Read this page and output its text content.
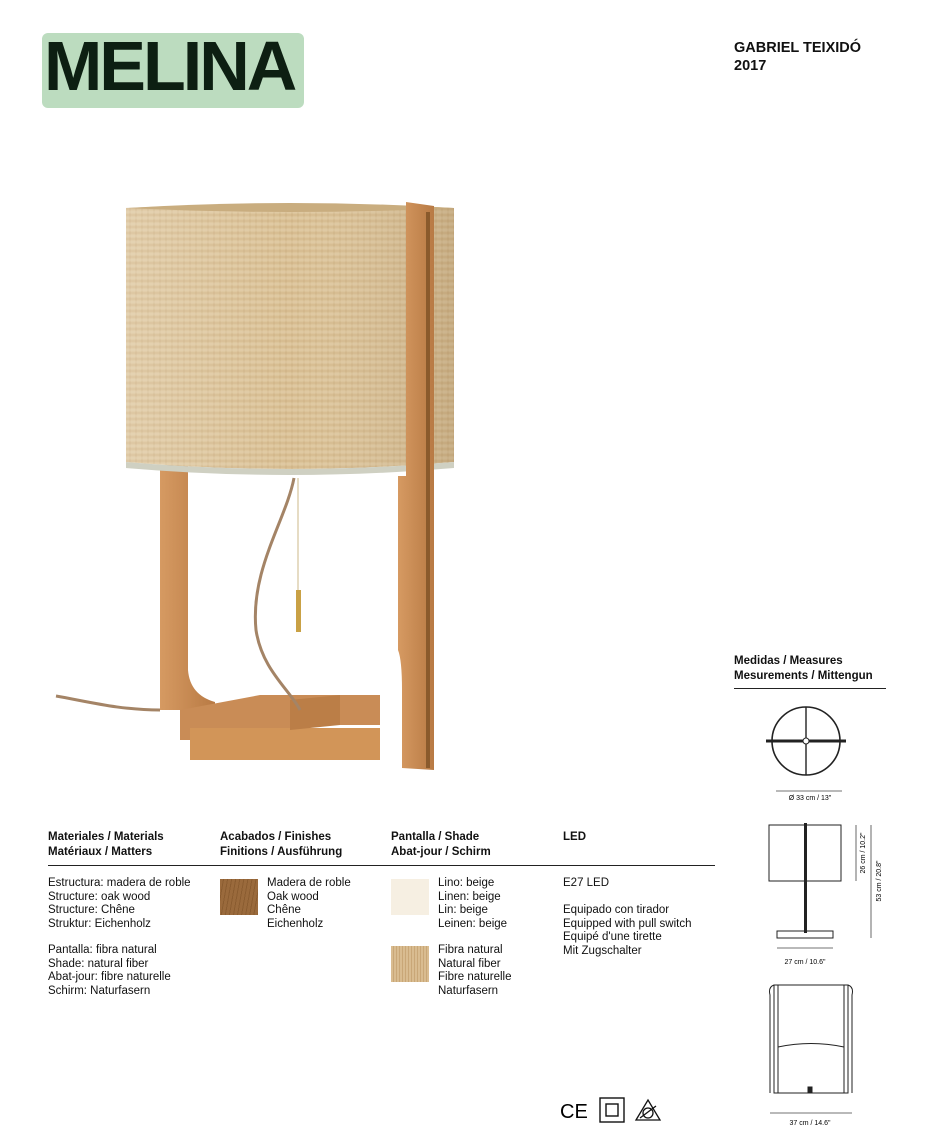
MELINA	GABRIEL TEIXIDÓ
2017
Medidas / Measures
Mesurements / Mittengun
Ø 33 cm / 13"
27 cm / 10.6"
26 cm / 10.2"
53 cm / 20.8"
37 cm / 14.6"
Materiales / Materials
Matériaux / Matters
Acabados / Finishes
Finitions / Ausführung
Pantalla / Shade
Abat-jour / Schirm
LED
Estructura: madera de roble
Structure: oak wood
Structure: Chêne
Struktur: Eichenholz
Pantalla: fibra natural
Shade: natural fiber
Abat-jour: fibre naturelle
Schirm: Naturfasern
Madera de roble
Oak wood
Chêne
Eichenholz
Lino: beige
Linen: beige
Lin: beige
Leinen: beige
Fibra natural
Natural fiber
Fibre naturelle
Naturfasern
E27 LED
Equipado con tirador
Equipped with pull switch
Equipé d'une tirette
Mit Zugschalter
CE
